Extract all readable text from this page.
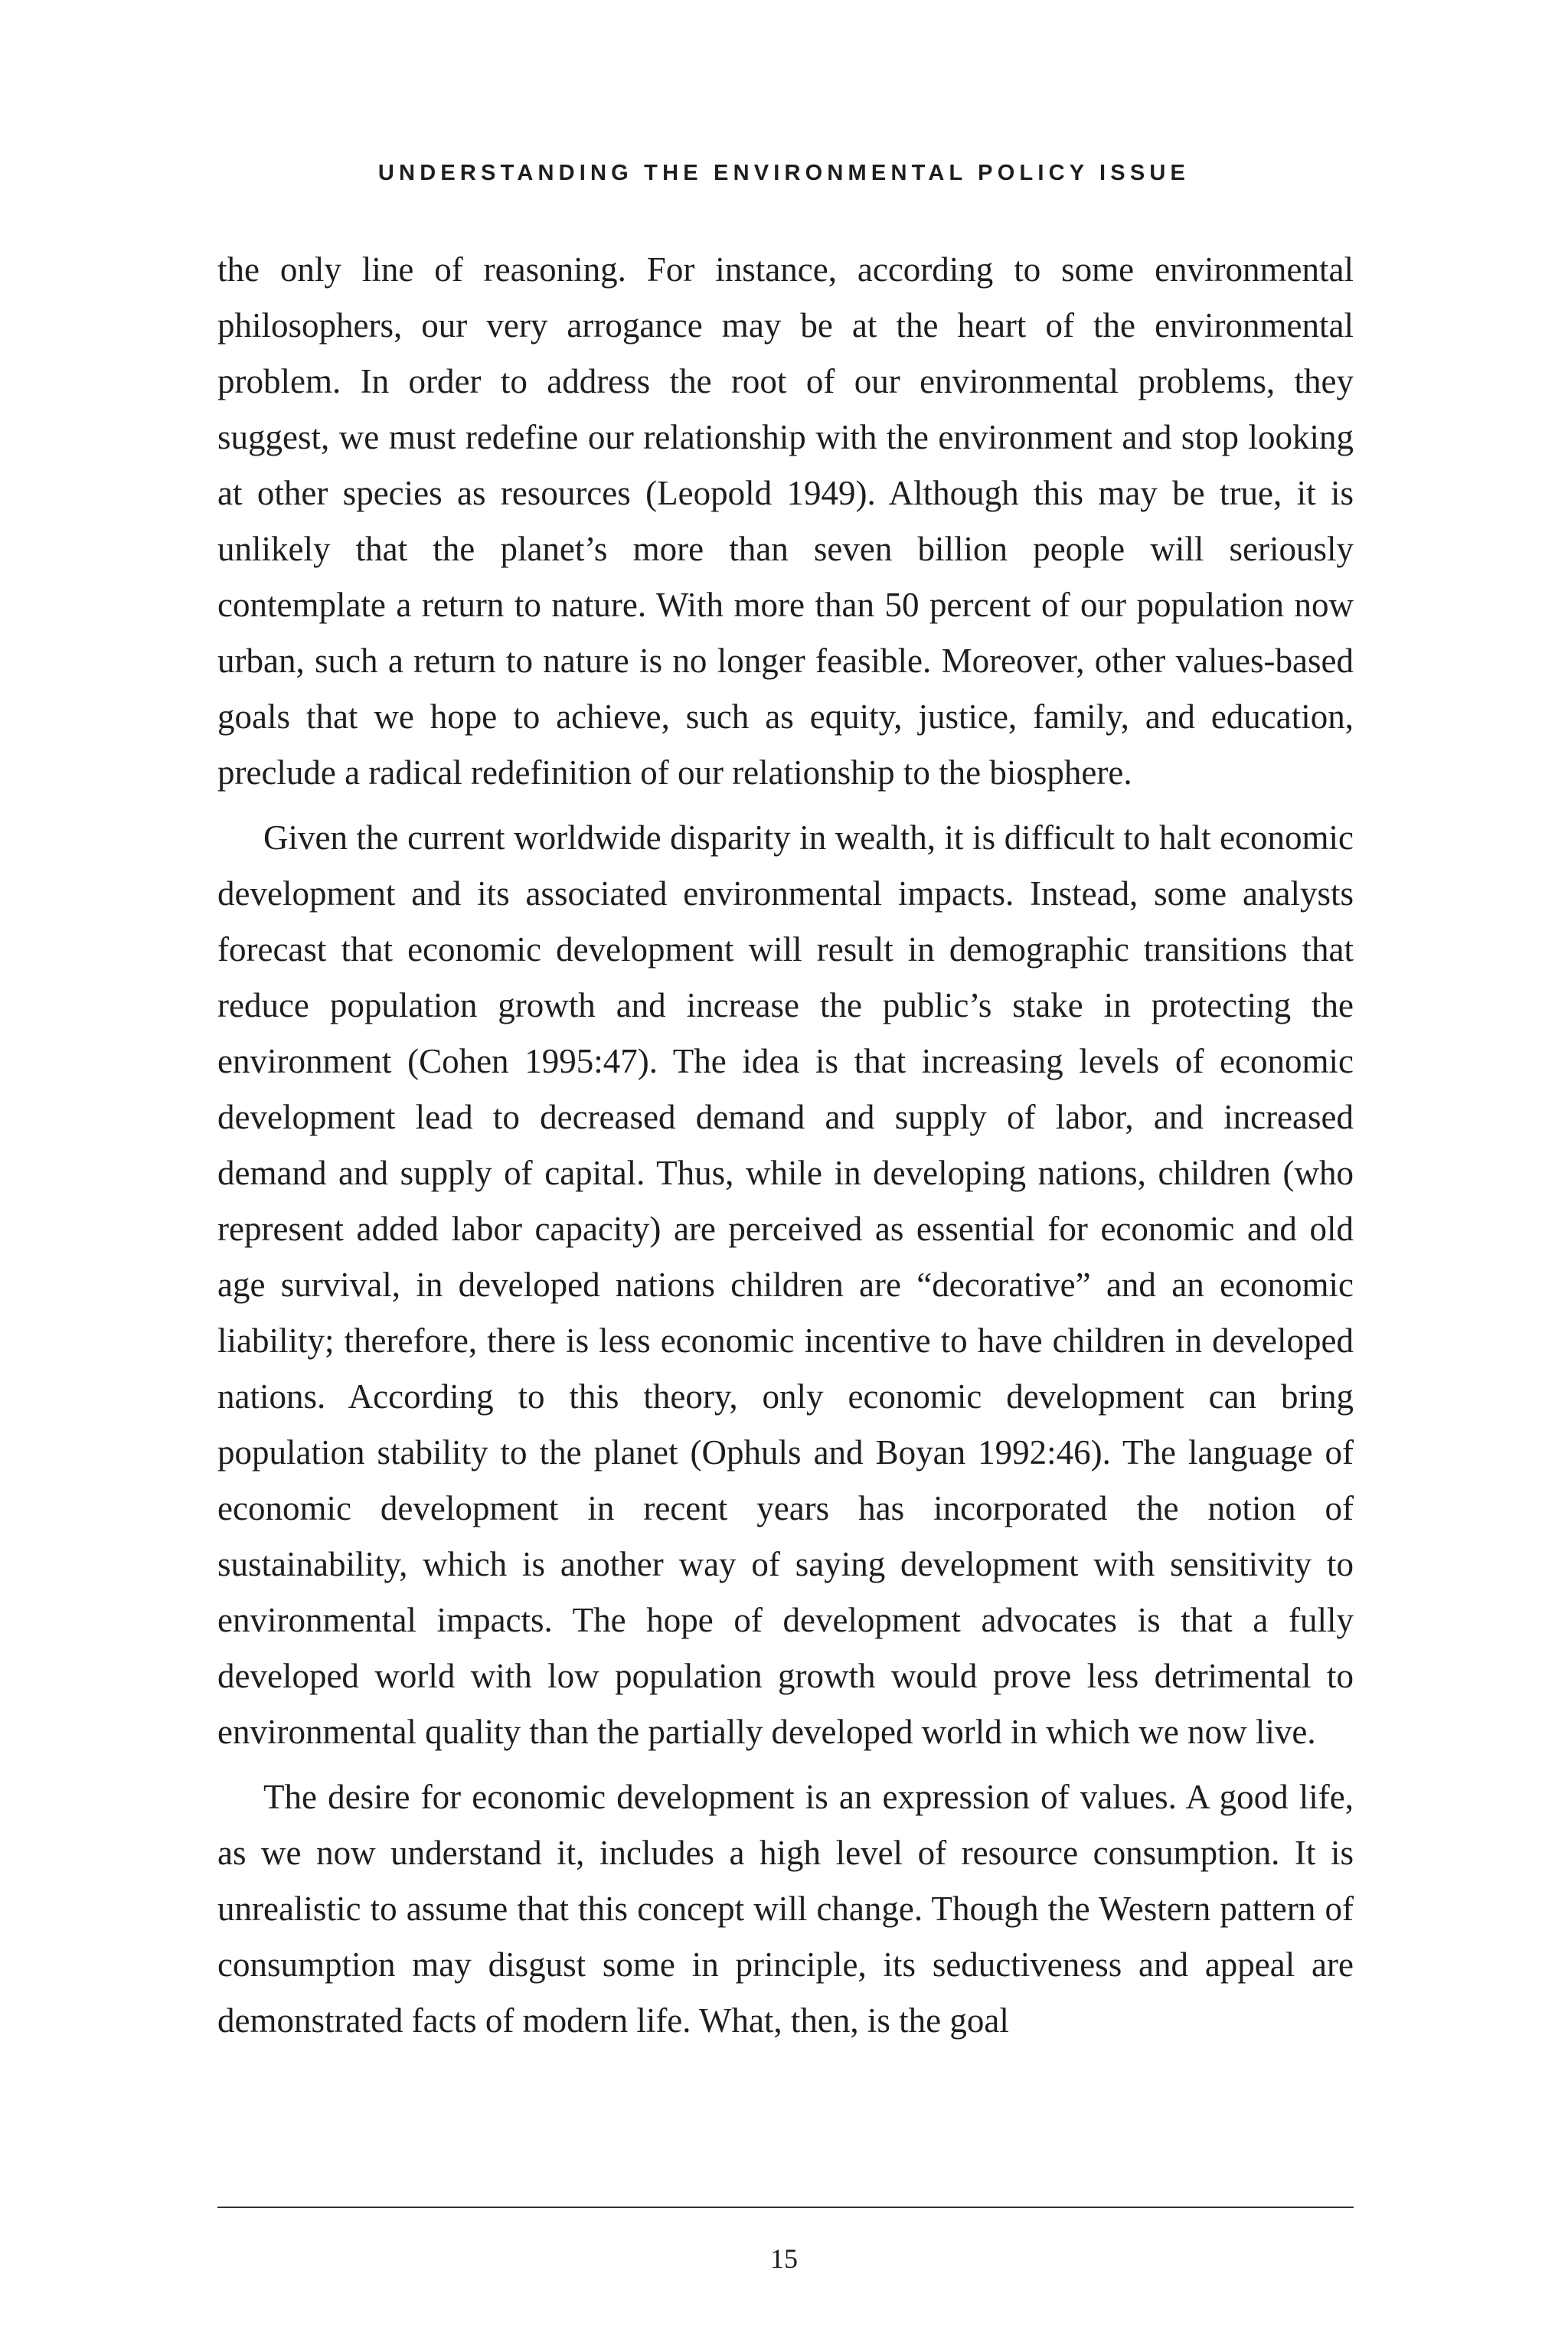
UNDERSTANDING THE ENVIRONMENTAL POLICY ISSUE

the only line of reasoning. For instance, according to some environmental philosophers, our very arrogance may be at the heart of the environmental problem. In order to address the root of our environmental problems, they suggest, we must redefine our relationship with the environment and stop looking at other species as resources (Leopold 1949). Although this may be true, it is unlikely that the planet’s more than seven billion people will seriously contemplate a return to nature. With more than 50 percent of our population now urban, such a return to nature is no longer feasible. Moreover, other values-based goals that we hope to achieve, such as equity, justice, family, and education, preclude a radical redefinition of our relationship to the biosphere.

Given the current worldwide disparity in wealth, it is difficult to halt economic development and its associated environmental impacts. Instead, some analysts forecast that economic development will result in demographic transitions that reduce population growth and increase the public’s stake in protecting the environment (Cohen 1995:47). The idea is that increasing levels of economic development lead to decreased demand and supply of labor, and increased demand and supply of capital. Thus, while in developing nations, children (who represent added labor capacity) are perceived as essential for economic and old age survival, in developed nations children are “decorative” and an economic liability; therefore, there is less economic incentive to have children in developed nations. According to this theory, only economic development can bring population stability to the planet (Ophuls and Boyan 1992:46). The language of economic development in recent years has incorporated the notion of sustainability, which is another way of saying development with sensitivity to environmental impacts. The hope of development advocates is that a fully developed world with low population growth would prove less detrimental to environmental quality than the partially developed world in which we now live.

The desire for economic development is an expression of values. A good life, as we now understand it, includes a high level of resource consumption. It is unrealistic to assume that this concept will change. Though the Western pattern of consumption may disgust some in principle, its seductiveness and appeal are demonstrated facts of modern life. What, then, is the goal

15
